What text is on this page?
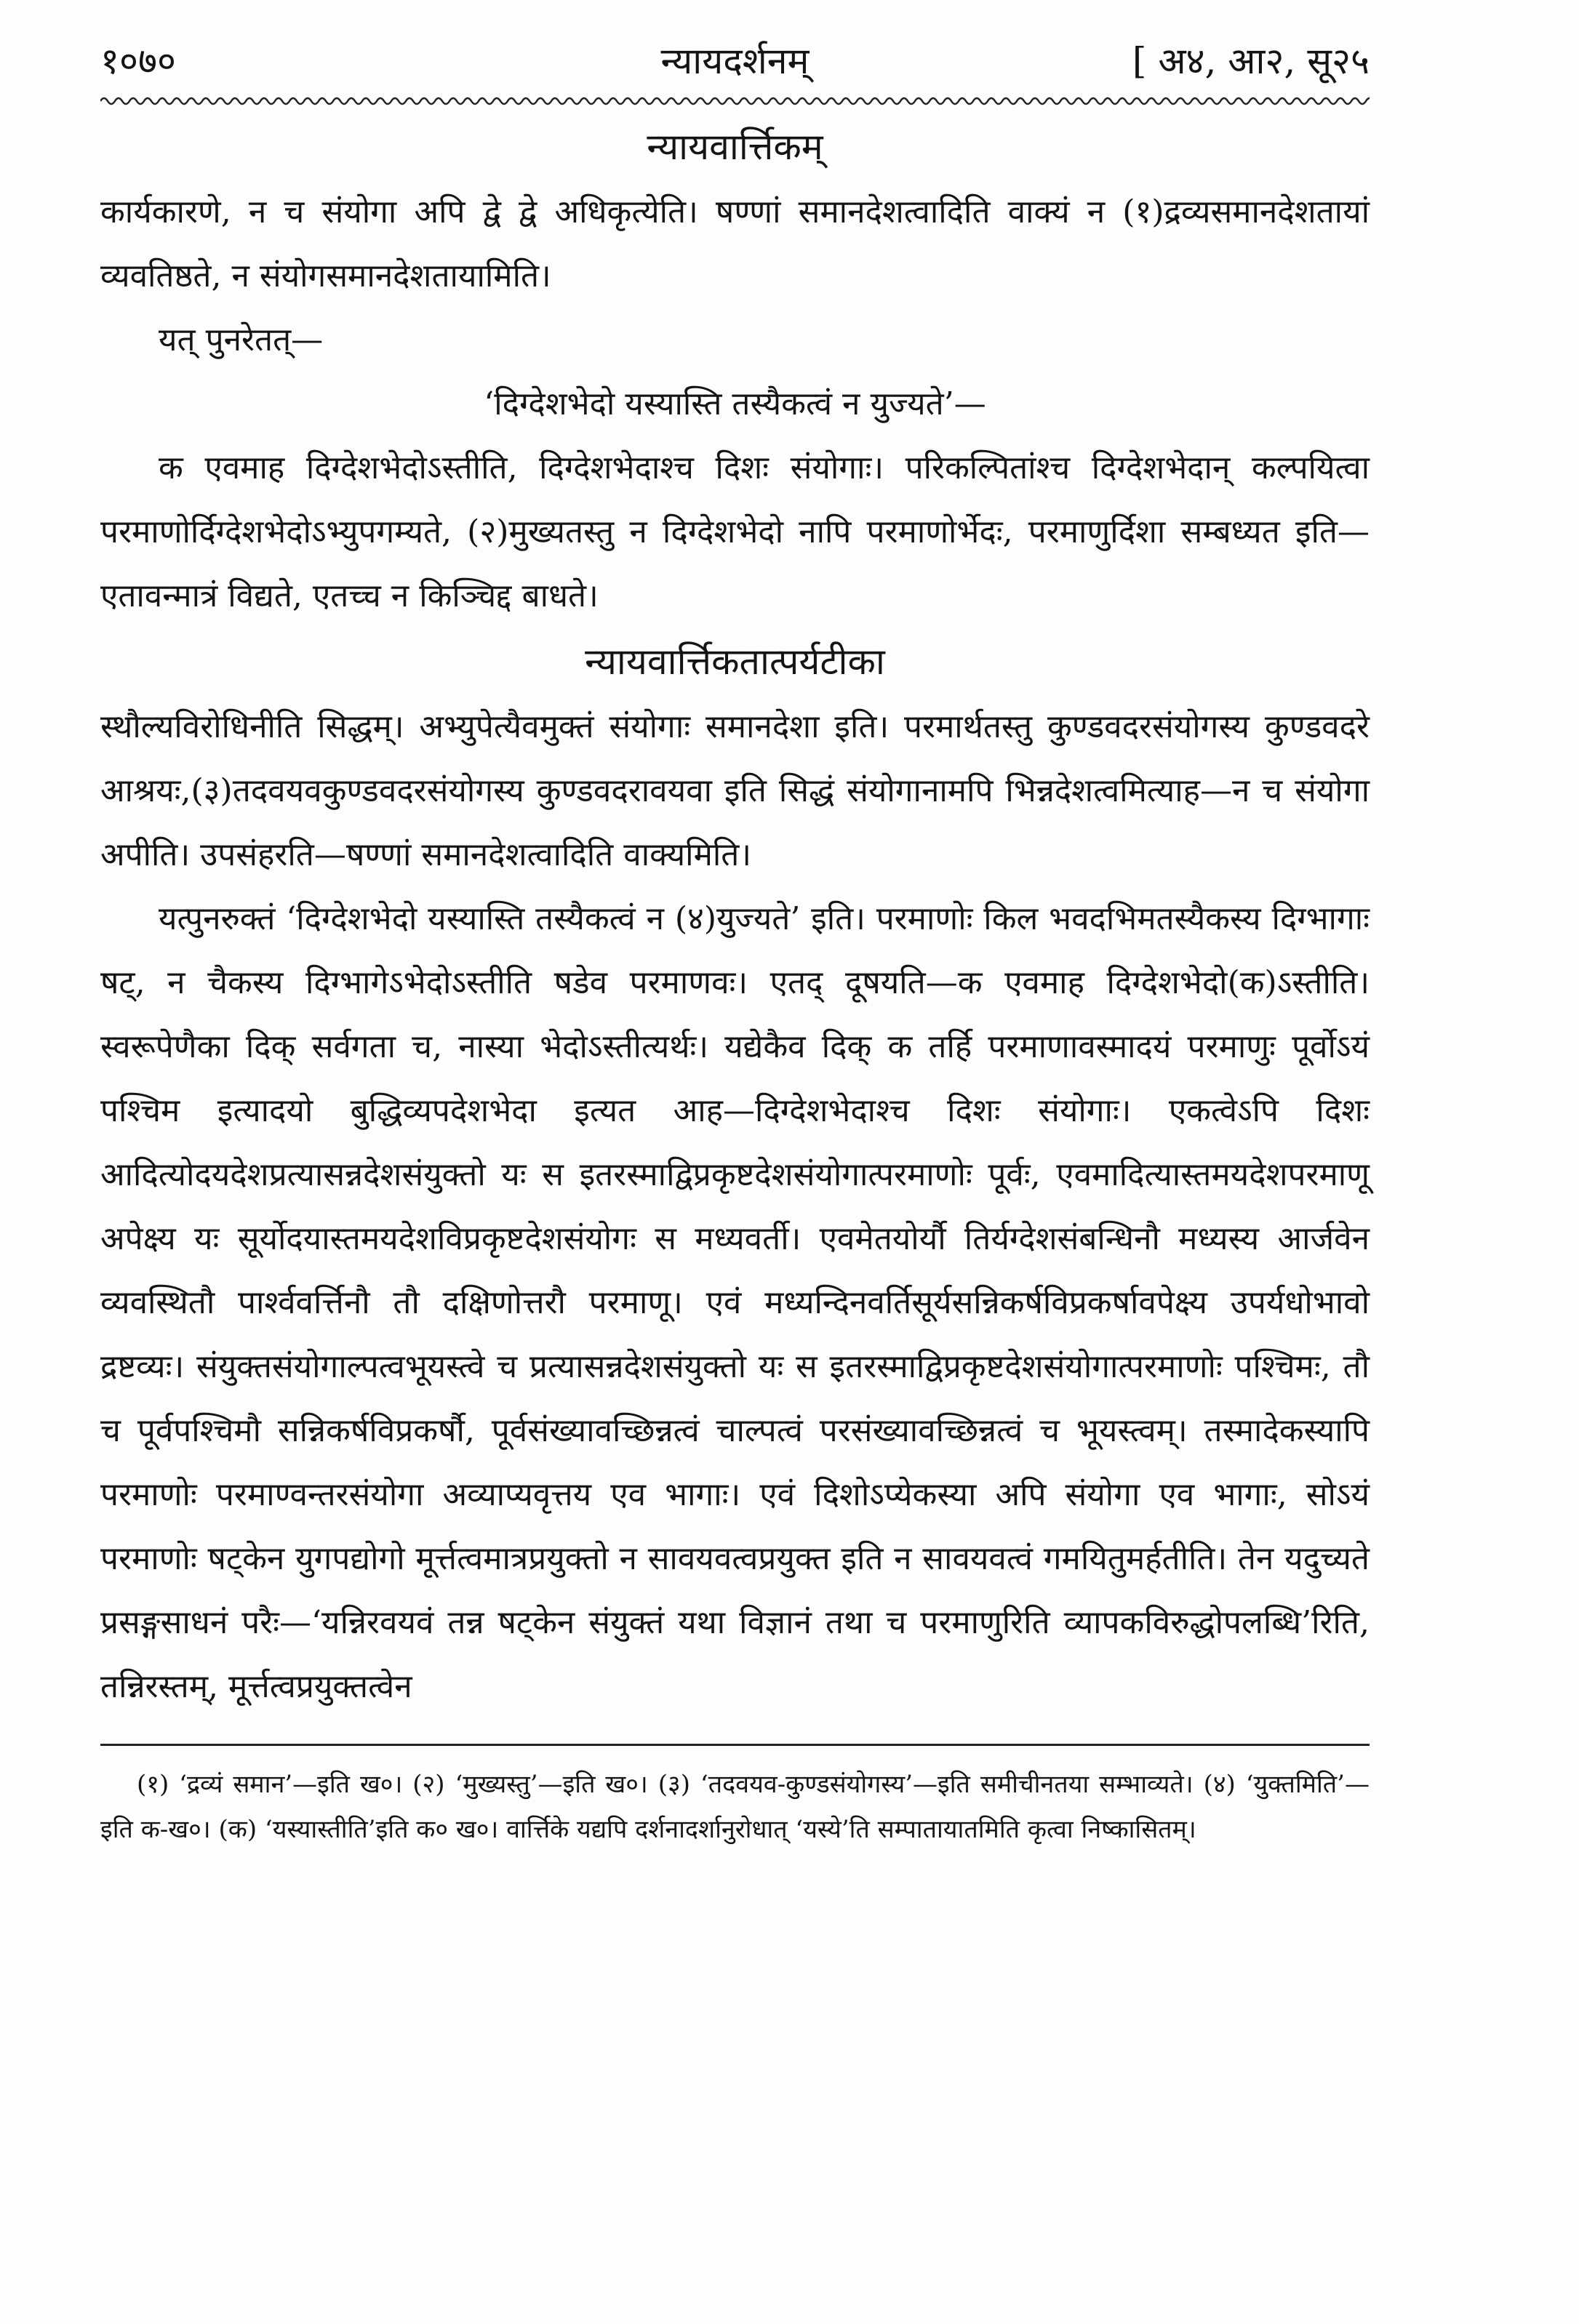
१०७०	न्यायदर्शनम्	[ अ४, आ२, सू२५
न्यायवार्त्तिकम्

कार्यकारणे, न च संयोगा अपि द्वे द्वे अधिकृत्येति। षण्णां समानदेशत्वादिति वाक्यं न (१)द्रव्यसमानदेशतायां व्यवतिष्ठते, न संयोगसमानदेशतायामिति।

यत् पुनरेतत्—

‘दिग्देशभेदो यस्यास्ति तस्यैकत्वं न युज्यते’—

क एवमाह दिग्देशभेदोऽस्तीति, दिग्देशभेदाश्च दिशः संयोगाः। परिकल्पितांश्च दिग्देशभेदान् कल्पयित्वा परमाणोर्दिग्देशभेदोऽभ्युपगम्यते, (२)मुख्यतस्तु न दिग्देशभेदो नापि परमाणोर्भेदः, परमाणुर्दिशा सम्बध्यत इति—एतावन्मात्रं विद्यते, एतच्च न किञ्चिद्द बाधते।

न्यायवार्त्तिकतात्पर्यटीका

स्थौल्यविरोधिनीति सिद्धम्। अभ्युपेत्यैवमुक्तं संयोगाः समानदेशा इति। परमार्थतस्तु कुण्डवदरसंयोगस्य कुण्डवदरे आश्रयः,(३)तदवयवकुण्डवदरसंयोगस्य कुण्डवदरावयवा इति सिद्धं संयोगानामपि भिन्नदेशत्वमित्याह—न च संयोगा अपीति। उपसंहरति—षण्णां समानदेशत्वादिति वाक्यमिति।

यत्पुनरुक्तं ‘दिग्देशभेदो यस्यास्ति तस्यैकत्वं न (४)युज्यते’ इति। परमाणोः किल भवदभिमतस्यैकस्य दिग्भागाः षट्, न चैकस्य दिग्भागेऽभेदोऽस्तीति षडेव परमाणवः। एतद् दूषयति—क एवमाह दिग्देशभेदो(क)ऽस्तीति। स्वरूपेणैका दिक् सर्वगता च, नास्या भेदोऽस्तीत्यर्थः। यद्येकैव दिक् क तर्हि परमाणावस्मादयं परमाणुः पूर्वोऽयं पश्चिम इत्यादयो बुद्धिव्यपदेशभेदा इत्यत आह—दिग्देशभेदाश्च दिशः संयोगाः। एकत्वेऽपि दिशः आदित्योदयदेशप्रत्यासन्नदेशसंयुक्तो यः स इतरस्माद्विप्रकृष्टदेशसंयोगात्परमाणोः पूर्वः, एवमादित्यास्तमयदेशपरमाणू अपेक्ष्य यः सूर्योदयास्तमयदेशविप्रकृष्टदेशसंयोगः स मध्यवर्ती। एवमेतयोर्यौ तिर्यग्देशसंबन्धिनौ मध्यस्य आर्जवेन व्यवस्थितौ पार्श्ववर्त्तिनौ तौ दक्षिणोत्तरौ परमाणू। एवं मध्यन्दिनवर्तिसूर्यसन्निकर्षविप्रकर्षावपेक्ष्य उपर्यधोभावो द्रष्टव्यः। संयुक्तसंयोगाल्पत्वभूयस्त्वे च प्रत्यासन्नदेशसंयुक्तो यः स इतरस्माद्विप्रकृष्टदेशसंयोगात्परमाणोः पश्चिमः, तौ च पूर्वपश्चिमौ सन्निकर्षविप्रकर्षौ, पूर्वसंख्यावच्छिन्नत्वं चाल्पत्वं परसंख्यावच्छिन्नत्वं च भूयस्त्वम्। तस्मादेकस्यापि परमाणोः परमाण्वन्तरसंयोगा अव्याप्यवृत्तय एव भागाः। एवं दिशोऽप्येकस्या अपि संयोगा एव भागाः, सोऽयं परमाणोः षट्केन युगपद्योगो मूर्त्तत्वमात्रप्रयुक्तो न सावयवत्वप्रयुक्त इति न सावयवत्वं गमयितुमर्हतीति। तेन यदुच्यते प्रसङ्गसाधनं परैः—‘यन्निरवयवं तन्न षट्केन संयुक्तं यथा विज्ञानं तथा च परमाणुरिति व्यापकविरुद्धोपलब्धि’रिति, तन्निरस्तम्, मूर्त्तत्वप्रयुक्तत्वेन

(१) ‘द्रव्यं समान’—इति ख०। (२) ‘मुख्यस्तु’—इति ख०। (३) ‘तदवयव-कुण्डसंयोगस्य’—इति समीचीनतया सम्भाव्यते। (४) ‘युक्तमिति’—इति क-ख०। (क) ‘यस्यास्तीति’इति क० ख०। वार्त्तिके यद्यपि दर्शनादर्शानुरोधात् ‘यस्ये’ति सम्पातायातमिति कृत्वा निष्कासितम्।
